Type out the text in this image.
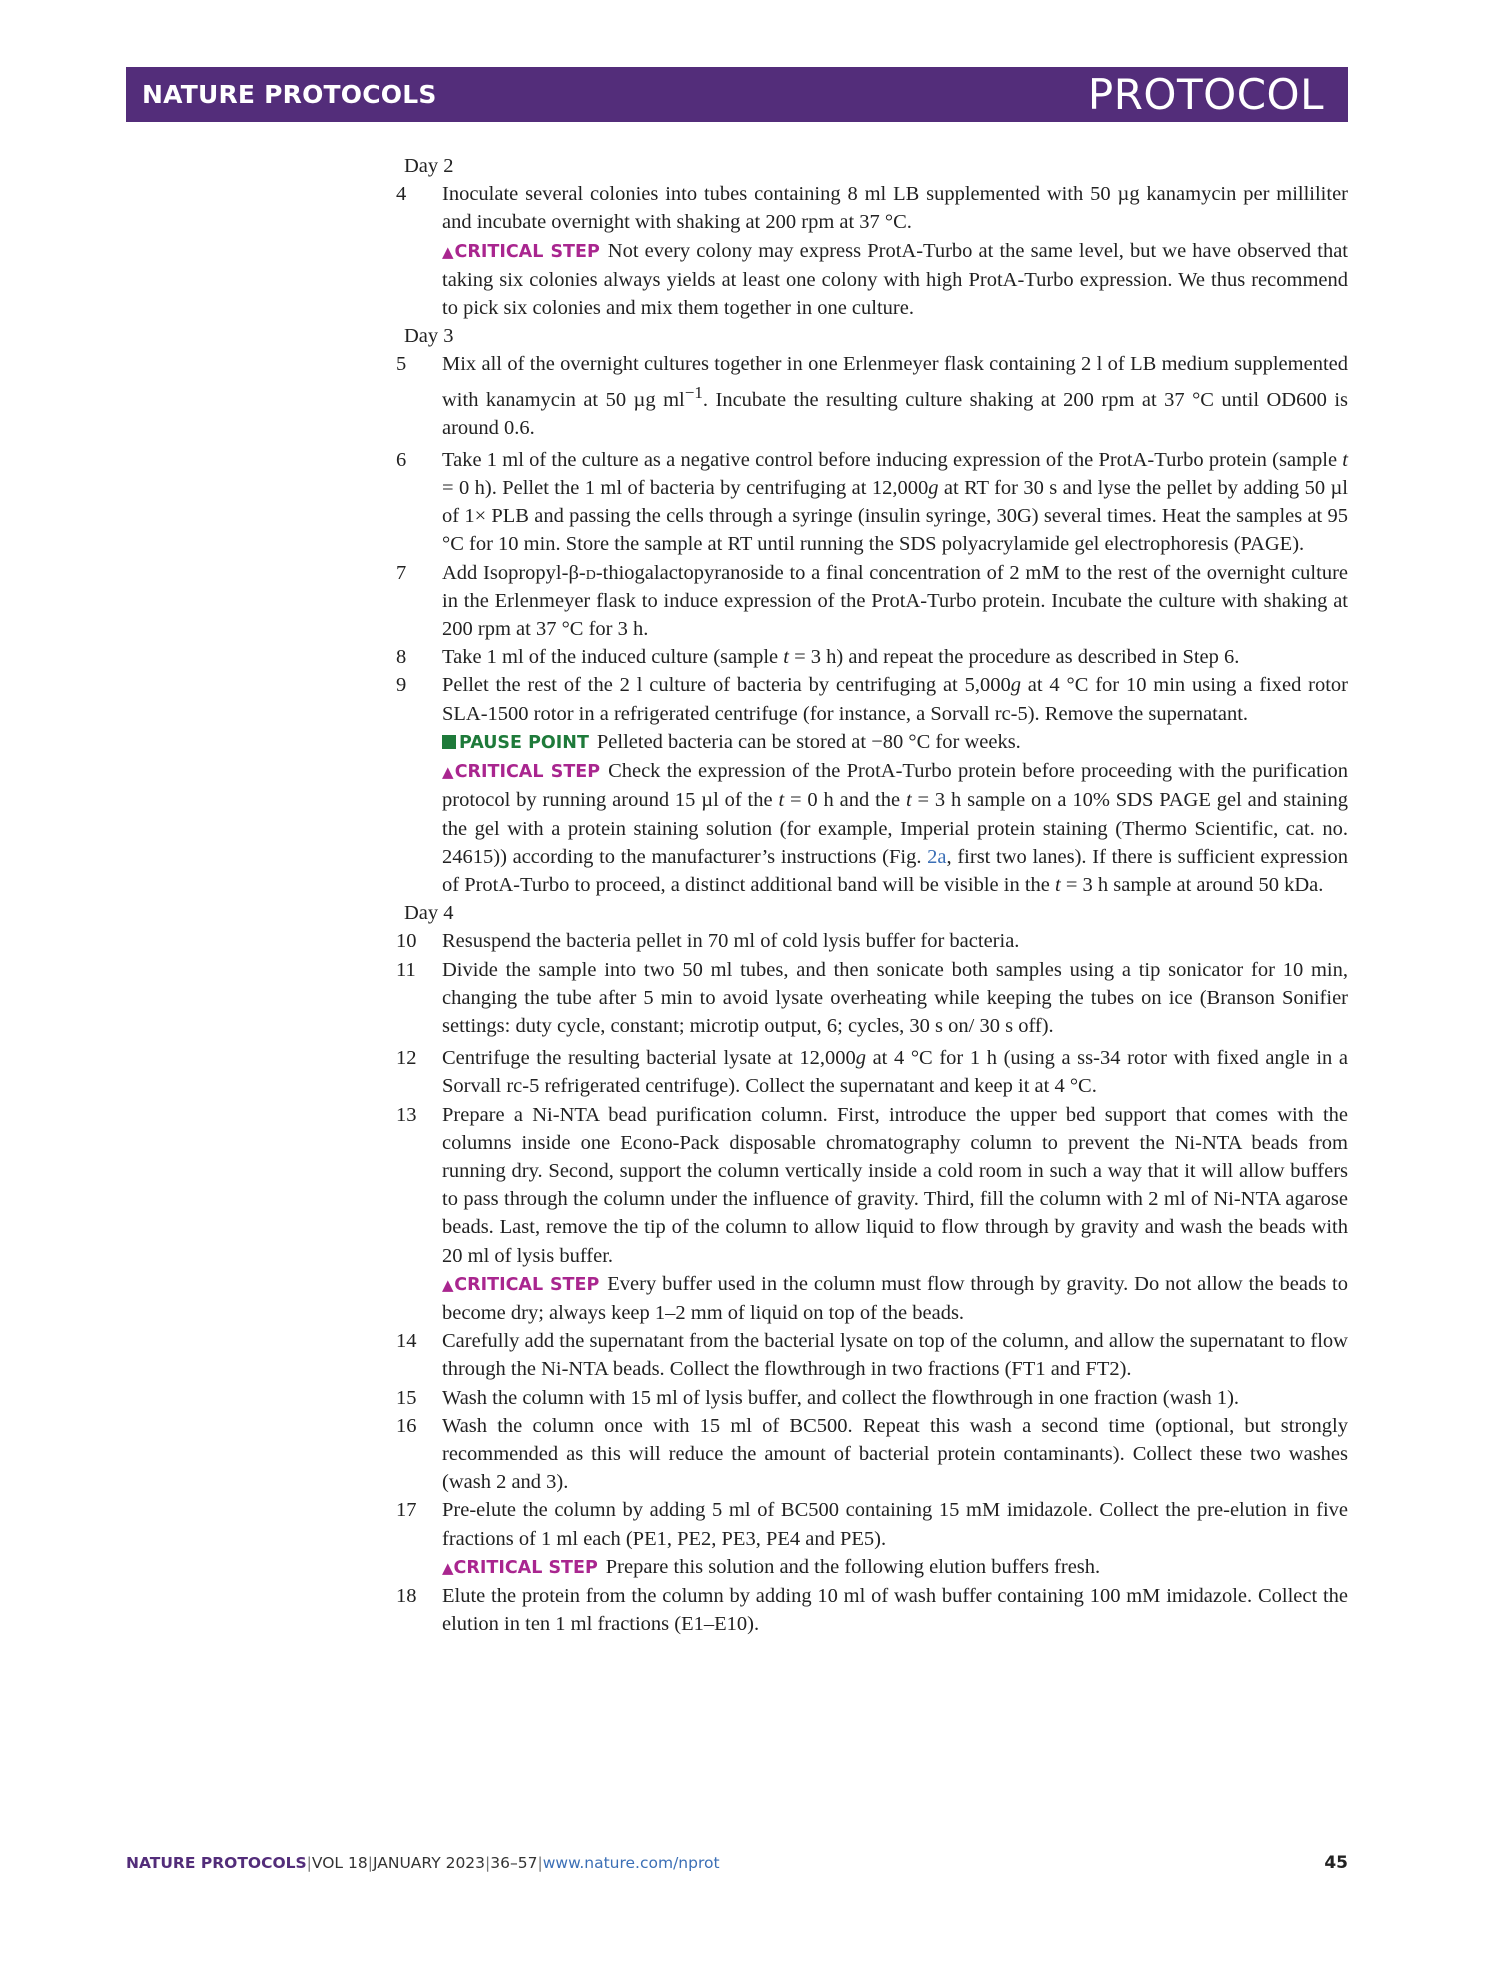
NATURE PROTOCOLS	PROTOCOL
Day 2
4	Inoculate several colonies into tubes containing 8 ml LB supplemented with 50 µg kanamycin per milliliter and incubate overnight with shaking at 200 rpm at 37 °C.
▲CRITICAL STEP Not every colony may express ProtA-Turbo at the same level, but we have observed that taking six colonies always yields at least one colony with high ProtA-Turbo expression. We thus recommend to pick six colonies and mix them together in one culture.
Day 3
5	Mix all of the overnight cultures together in one Erlenmeyer flask containing 2 l of LB medium supplemented with kanamycin at 50 µg $ml^{-1}$. Incubate the resulting culture shaking at 200 rpm at 37 °C until OD600 is around 0.6.
6	Take 1 ml of the culture as a negative control before inducing expression of the ProtA-Turbo protein (sample t = 0 h). Pellet the 1 ml of bacteria by centrifuging at 12,000g at RT for 30 s and lyse the pellet by adding 50 µl of 1× PLB and passing the cells through a syringe (insulin syringe, 30G) several times. Heat the samples at 95 °C for 10 min. Store the sample at RT until running the SDS polyacrylamide gel electrophoresis (PAGE).
7	Add Isopropyl-β-d-thiogalactopyranoside to a final concentration of 2 mM to the rest of the overnight culture in the Erlenmeyer flask to induce expression of the ProtA-Turbo protein. Incubate the culture with shaking at 200 rpm at 37 °C for 3 h.
8	Take 1 ml of the induced culture (sample t = 3 h) and repeat the procedure as described in Step 6.
9	Pellet the rest of the 2 l culture of bacteria by centrifuging at 5,000g at 4 °C for 10 min using a fixed rotor SLA-1500 rotor in a refrigerated centrifuge (for instance, a Sorvall rc-5). Remove the supernatant.
PAUSE POINT Pelleted bacteria can be stored at −80 °C for weeks.
▲CRITICAL STEP Check the expression of the ProtA-Turbo protein before proceeding with the purification protocol by running around 15 µl of the t = 0 h and the t = 3 h sample on a 10% SDS PAGE gel and staining the gel with a protein staining solution (for example, Imperial protein staining (Thermo Scientific, cat. no. 24615)) according to the manufacturer’s instructions (Fig. 2a, first two lanes). If there is sufficient expression of ProtA-Turbo to proceed, a distinct additional band will be visible in the t = 3 h sample at around 50 kDa.
Day 4
10	Resuspend the bacteria pellet in 70 ml of cold lysis buffer for bacteria.
11	Divide the sample into two 50 ml tubes, and then sonicate both samples using a tip sonicator for 10 min, changing the tube after 5 min to avoid lysate overheating while keeping the tubes on ice (Branson Sonifier settings: duty cycle, constant; microtip output, 6; cycles, 30 s on/ 30 s off).
12	Centrifuge the resulting bacterial lysate at 12,000g at 4 °C for 1 h (using a ss-34 rotor with fixed angle in a Sorvall rc-5 refrigerated centrifuge). Collect the supernatant and keep it at 4 °C.
13	Prepare a Ni-NTA bead purification column. First, introduce the upper bed support that comes with the columns inside one Econo-Pack disposable chromatography column to prevent the Ni-NTA beads from running dry. Second, support the column vertically inside a cold room in such a way that it will allow buffers to pass through the column under the influence of gravity. Third, fill the column with 2 ml of Ni-NTA agarose beads. Last, remove the tip of the column to allow liquid to flow through by gravity and wash the beads with 20 ml of lysis buffer.
▲CRITICAL STEP Every buffer used in the column must flow through by gravity. Do not allow the beads to become dry; always keep 1–2 mm of liquid on top of the beads.
14	Carefully add the supernatant from the bacterial lysate on top of the column, and allow the supernatant to flow through the Ni-NTA beads. Collect the flowthrough in two fractions (FT1 and FT2).
15	Wash the column with 15 ml of lysis buffer, and collect the flowthrough in one fraction (wash 1).
16	Wash the column once with 15 ml of BC500. Repeat this wash a second time (optional, but strongly recommended as this will reduce the amount of bacterial protein contaminants). Collect these two washes (wash 2 and 3).
17	Pre-elute the column by adding 5 ml of BC500 containing 15 mM imidazole. Collect the pre-elution in five fractions of 1 ml each (PE1, PE2, PE3, PE4 and PE5).
▲CRITICAL STEP Prepare this solution and the following elution buffers fresh.
18	Elute the protein from the column by adding 10 ml of wash buffer containing 100 mM imidazole. Collect the elution in ten 1 ml fractions (E1–E10).
NATURE PROTOCOLS|VOL 18|JANUARY 2023|36–57|www.nature.com/nprot	45
